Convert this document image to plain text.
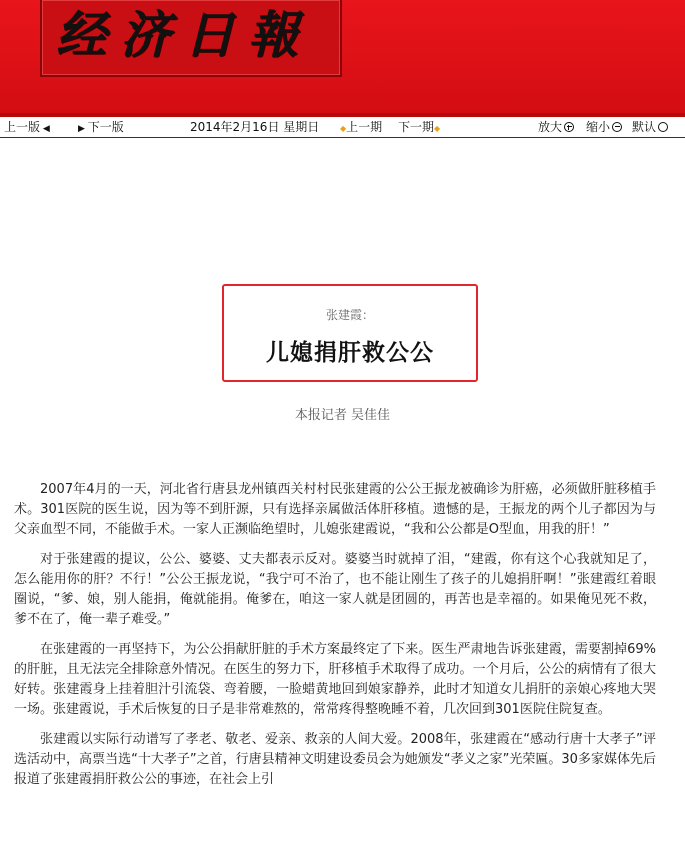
经济日報
上一版 ◀	▶ 下一版	2014年2月16日 星期日	◆上一期 下一期◆	放大	缩小	默认
张建霞：
儿媳捐肝救公公
本报记者 吴佳佳

2007年4月的一天，河北省行唐县龙州镇西关村村民张建霞的公公王振龙被确诊为肝癌，必须做肝脏移植手术。301医院的医生说，因为等不到肝源，只有选择亲属做活体肝移植。遗憾的是，王振龙的两个儿子都因为与父亲血型不同，不能做手术。一家人正濒临绝望时，儿媳张建霞说，“我和公公都是O型血，用我的肝！”

对于张建霞的提议，公公、婆婆、丈夫都表示反对。婆婆当时就掉了泪，“建霞，你有这个心我就知足了，怎么能用你的肝？不行！”公公王振龙说，“我宁可不治了，也不能让刚生了孩子的儿媳捐肝啊！”张建霞红着眼圈说，“爹、娘，别人能捐，俺就能捐。俺爹在，咱这一家人就是团圆的，再苦也是幸福的。如果俺见死不救，爹不在了，俺一辈子难受。”

在张建霞的一再坚持下，为公公捐献肝脏的手术方案最终定了下来。医生严肃地告诉张建霞，需要割掉69%的肝脏，且无法完全排除意外情况。在医生的努力下，肝移植手术取得了成功。一个月后，公公的病情有了很大好转。张建霞身上挂着胆汁引流袋、弯着腰，一脸蜡黄地回到娘家静养，此时才知道女儿捐肝的亲娘心疼地大哭一场。张建霞说，手术后恢复的日子是非常难熬的，常常疼得整晚睡不着，几次回到301医院住院复查。

张建霞以实际行动谱写了孝老、敬老、爱亲、救亲的人间大爱。2008年，张建霞在“感动行唐十大孝子”评选活动中，高票当选“十大孝子”之首，行唐县精神文明建设委员会为她颁发“孝义之家”光荣匾。30多家媒体先后报道了张建霞捐肝救公公的事迹，在社会上引
